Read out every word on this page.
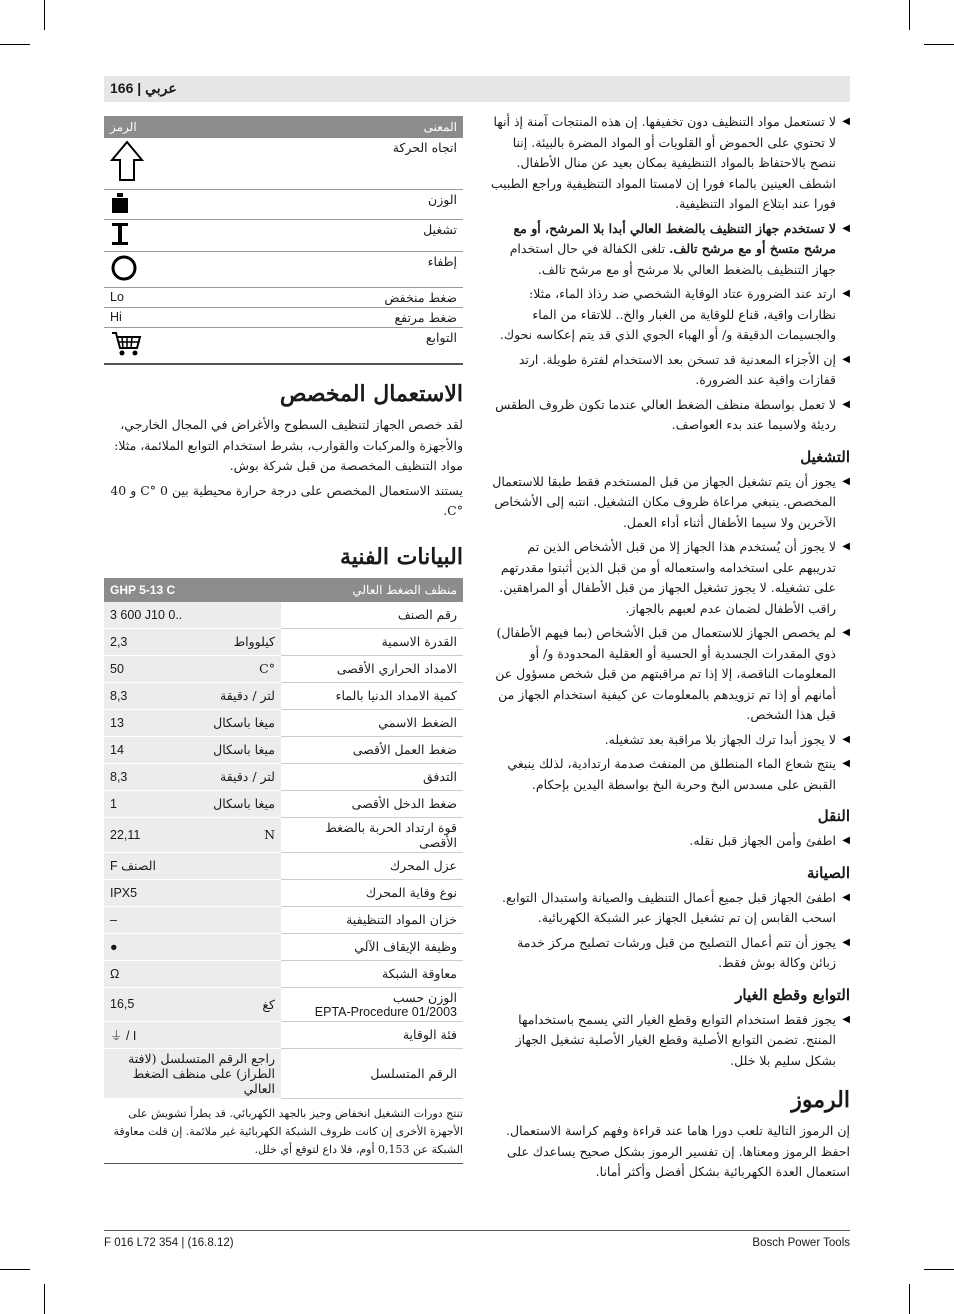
166 | عربي
◀
لا تستعمل مواد التنظيف دون تخفيفها. إن هذه المنتجات آمنة إذ أنها لا تحتوي على الحموض أو القلويات أو المواد المضرة بالبيئة. إننا ننصح بالاحتفاظ بالمواد التنظيفية بمكان بعيد عن منال الأطفال. اشطف العينين بالماء فورا إن لامستا المواد التنظيفية وراجع الطبيب فورا عند ابتلاع المواد التنظيفية.
◀
لا تستخدم جهاز التنظيف بالضغط العالي أبدا بلا المرشح، أو مع مرشح متسخ أو مع مرشح تالف. تلغى الكفالة في حال استخدام جهاز التنظيف بالضغط العالي بلا مرشح أو مع مرشح تالف.
◀
ارتد عند الضرورة عتاد الوقاية الشخصي ضد رذاذ الماء، مثلا: نظارات واقية، قناع للوقاية من الغبار والخ.. للاتقاء من الماء والجسيمات الدقيقة و/ أو الهباء الجوي الذي قد يتم إعكاسه نحوك.
◀
إن الأجزاء المعدنية قد تسخن بعد الاستخدام لفترة طويلة. ارتد قفازات واقية عند الضرورة.
◀
لا تعمل بواسطة منظف الضغط العالي عندما تكون ظروف الطقس رديئة ولاسيما عند بدء العواصف.
التشغيل
◀
يجوز أن يتم تشغيل الجهاز من قبل المستخدم فقط طبقا للاستعمال المخصص. ينبغي مراعاة ظروف مكان التشغيل. انتبه إلى الأشخاص الآخرين ولا سيما الأطفال أثناء أداء العمل.
◀
لا يجوز أن يُستخدم هذا الجهاز إلا من قبل الأشخاص الذين تم تدريبهم على استخدامه واستعماله أو من قبل الذين أثبتوا مقدرتهم على تشغيله. لا يجوز تشغيل الجهاز من قبل الأطفال أو المراهقين. راقب الأطفال لضمان عدم لعبهم بالجهاز.
◀
لم يخصص الجهاز للاستعمال من قبل الأشخاص (بما فيهم الأطفال) ذوي المقدرات الجسدية أو الحسية أو العقلية المحدودة و/ أو المعلومات الناقصة، إلا إذا تم مراقبتهم من قبل شخص مسؤول عن أمانهم أو إذا تم تزويدهم بالمعلومات عن كيفية استخدام الجهاز من قبل هذا الشخص.
◀
لا يجوز أبدا ترك الجهاز بلا مراقبة بعد تشغيله.
◀
ينتج شعاع الماء المنطلق من المنفث صدمة ارتدادية، لذلك ينبغي القبض على مسدس البخ وحربة البخ بواسطة اليدين بإحكام.
النقل
◀
اطفئ وأمن الجهاز قبل نقله.
الصيانة
◀
اطفئ الجهاز قبل جميع أعمال التنظيف والصيانة واستبدال التوابع. اسحب القابس إن تم تشغيل الجهاز عبر الشبكة الكهربائية.
◀
يجوز أن تتم أعمال التصليح من قبل ورشات تصليح مركز خدمة زبائن وكالة بوش فقط.
التوابع وقطع الغيار
◀
يجوز فقط استخدام التوابع وقطع الغيار التي يسمح باستخدامها المنتج. تضمن التوابع الأصلية وقطع الغيار الأصلية تشغيل الجهاز بشكل سليم بلا خلل.
الرموز
إن الرموز التالية تلعب دورا هاما عند قراءة وفهم كراسة الاستعمال. احفظ الرموز ومعناها. إن تفسير الرموز بشكل صحيح يساعدك على استعمال العدة الكهربائية بشكل أفضل وأكثر أمانا.
المعنى	الرمز
اتجاه الحركة	
الوزن	
تشغيل	
إطفاء	
ضغط منخفض	Lo
ضغط مرتفع	Hi
التوابع	
الاستعمال المخصص
لقد خصص الجهاز لتنظيف السطوح والأغراض في المجال الخارجي، والأجهزة والمركبات والقوارب، بشرط استخدام التوابع الملائمة، مثلا: مواد التنظيف المخصصة من قبل شركة بوش.
يستند الاستعمال المخصص على درجة حرارة محيطية بين 0 °C و 40 °C.
البيانات الفنية
منظف الضغط العالي	GHP 5-13 C	
رقم الصنف		3 600 J10 0..
القدرة الاسمية	كيلوواط	2,3
الامداد الحراري الأقصى	°C	50
كمية الامداد الدنيا بالماء	لتر / دقيقة	8,3
الضغط الاسمي	ميغا باسكال	13
ضغط العمل الأقصى	ميغا باسكال	14
التدفق	لتر / دقيقة	8,3
ضغط الدخل الأقصى	ميغا باسكال	1
قوة ارتداد الحربة بالضغط الأقصى	N	22,11
عزل المحرك		F الصنف
نوع وقاية المحرك		IPX5
خزان المواد التنظيفية		–
وظيفة الإيقاف الآلي		●
معاوقة الشبكة		Ω

الوزن حسب
EPTA-Procedure 01/2003	كغ	16,5
فئة الوقاية		⏚ / I
الرقم المتسلسل	راجع الرقم المتسلسل (لافتة الطراز) على منظف الضغط العالي	
تنتج دورات التشغيل انخفاض وجيز بالجهد الكهربائي. قد يطرأ تشويش على الأجهزة الأخرى إن كانت ظروف الشبكة الكهربائية غير ملائمة. إن قلت معاوقة الشبكة عن 0,153 أوم، فلا داع لتوقع أي خلل.
F 016 L72 354 | (16.8.12)	Bosch Power Tools
